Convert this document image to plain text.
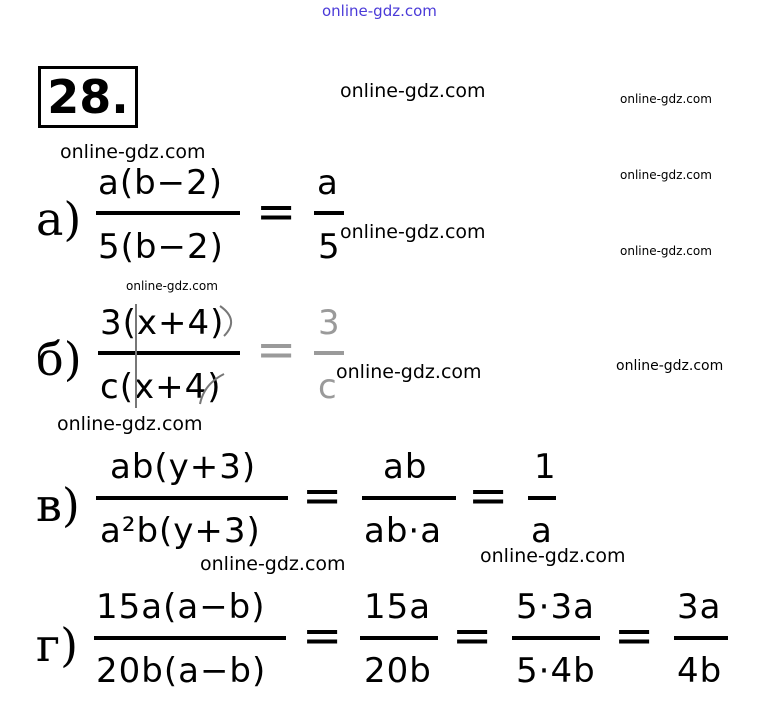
online-gdz.com
online-gdz.com	online-gdz.com
online-gdz.com
online-gdz.com
online-gdz.com
online-gdz.com
online-gdz.com
online-gdz.com	online-gdz.com
online-gdz.com
online-gdz.com	online-gdz.com
28.
а)
a(b−2)
5(b−2)
=
a
5
б)
3(x+4)
c(x+4)
= 3
c
в)
ab(y+3)
a²b(y+3)
=
ab
ab·a
=
1
a
г)
15a(a−b)
20b(a−b)
=
15a
20b
=
5·3a
5·4b
=
3a
4b
